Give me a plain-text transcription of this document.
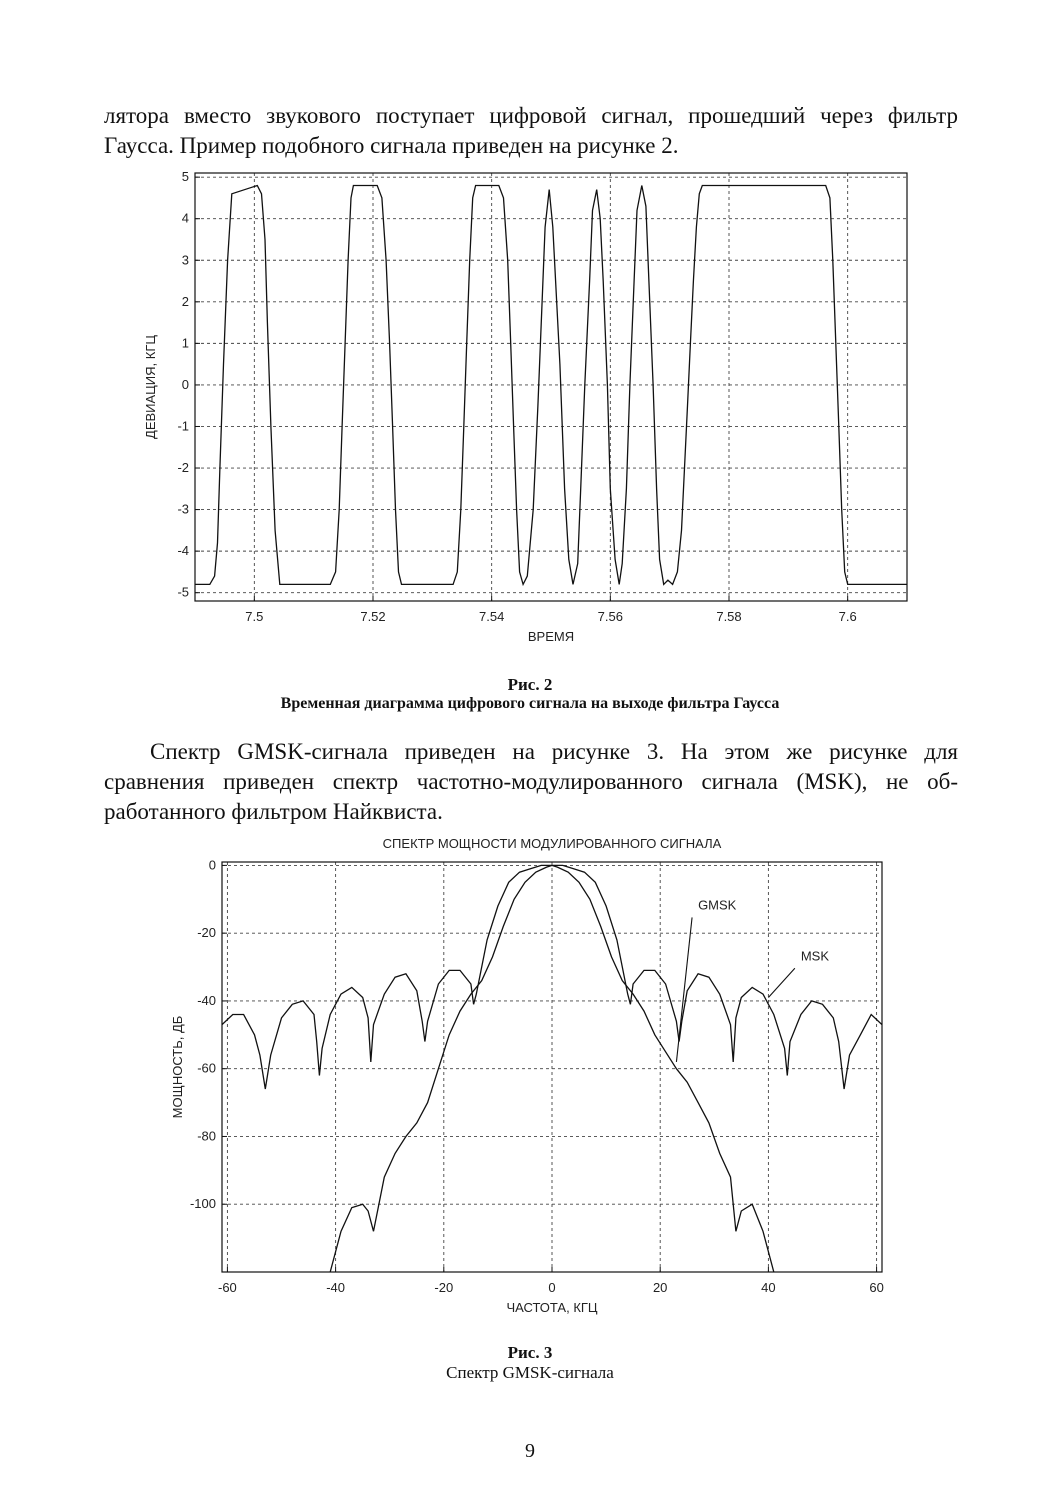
лятора вместо звукового поступает цифровой сигнал, прошедший через фильтр
Гаусса. Пример подобного сигнала приведен на рисунке 2.
7.5	7.52	7.54	7.56	7.58	7.6
5
4
3
2
1
0
-1
-2
-3
-4
-5
ВРЕМЯ
ДЕВИАЦИЯ, КГЦ
-60	-40	-20	0	20	40	60
0
-20
-40
-60
-80
-100
ЧАСТОТА, КГЦ
МОЩНОСТЬ, ДБ
СПЕКТР МОЩНОСТИ МОДУЛИРОВАННОГО СИГНАЛА
GMSK
MSK
Рис. 2
Временная диаграмма цифрового сигнала на выходе фильтра Гаусса
Спектр GMSK-сигнала приведен на рисунке 3. На этом же рисунке для
сравнения приведен спектр частотно-модулированного сигнала (MSK), не об-
работанного фильтром Найквиста.
Рис. 3
Спектр GMSK-сигнала
9
